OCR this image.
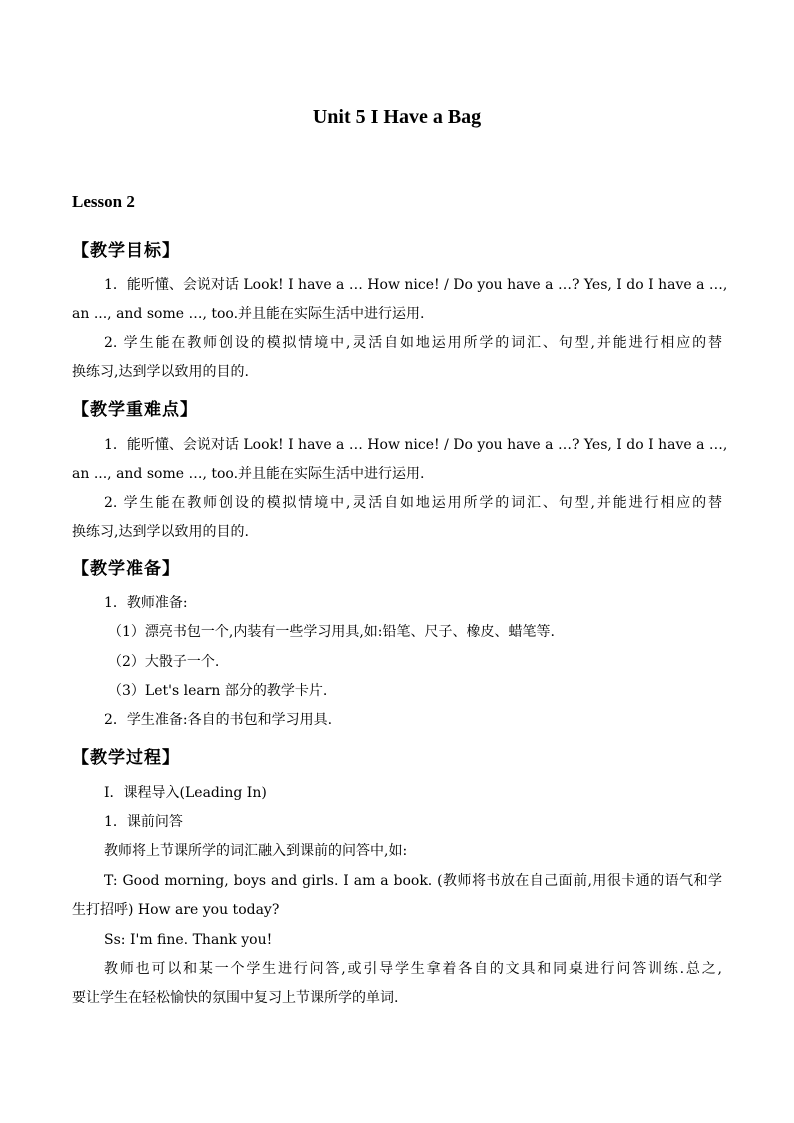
Unit 5 I Have a Bag
Lesson 2
【教学目标】
1．能听懂、会说对话 Look! I have a … How nice! / Do you have a …? Yes, I do I have a …,
an ..., and some …, too.并且能在实际生活中进行运用.
2. 学生能在教师创设的模拟情境中,灵活自如地运用所学的词汇、句型,并能进行相应的替
换练习,达到学以致用的目的.
【教学重难点】
1．能听懂、会说对话 Look! I have a … How nice! / Do you have a …? Yes, I do I have a …,
an ..., and some …, too.并且能在实际生活中进行运用.
2. 学生能在教师创设的模拟情境中,灵活自如地运用所学的词汇、句型,并能进行相应的替
换练习,达到学以致用的目的.
【教学准备】
1．教师准备:
（1）漂亮书包一个,内装有一些学习用具,如:铅笔、尺子、橡皮、蜡笔等.
（2）大骰子一个.
（3）Let's learn 部分的教学卡片.
2．学生准备:各自的书包和学习用具.
【教学过程】
Ⅰ．课程导入(Leading In)
1．课前问答
教师将上节课所学的词汇融入到课前的问答中,如:
T: Good morning, boys and girls. I am a book. (教师将书放在自己面前,用很卡通的语气和学
生打招呼) How are you today?
Ss: I'm fine. Thank you!
教师也可以和某一个学生进行问答,或引导学生拿着各自的文具和同桌进行问答训练.总之,
要让学生在轻松愉快的氛围中复习上节课所学的单词.
